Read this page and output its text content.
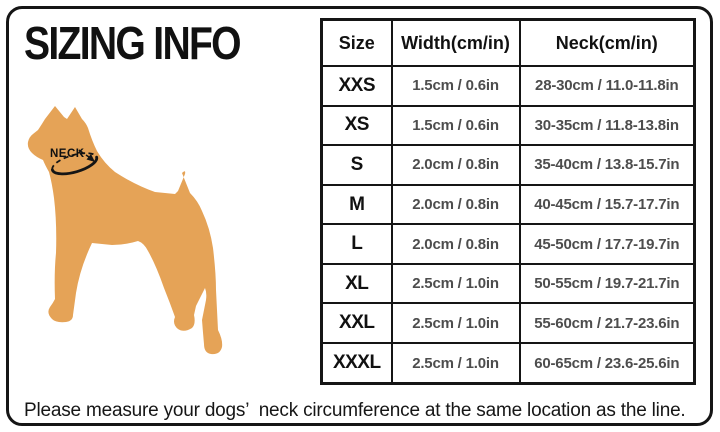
SIZING INFO
NECK
Size	Width(cm/in)	Neck(cm/in)
XXS	1.5cm / 0.6in	28-30cm / 11.0-11.8in
XS	1.5cm / 0.6in	30-35cm / 11.8-13.8in
S	2.0cm / 0.8in	35-40cm / 13.8-15.7in
M	2.0cm / 0.8in	40-45cm / 15.7-17.7in
L	2.0cm / 0.8in	45-50cm / 17.7-19.7in
XL	2.5cm / 1.0in	50-55cm / 19.7-21.7in
XXL	2.5cm / 1.0in	55-60cm / 21.7-23.6in
XXXL	2.5cm / 1.0in	60-65cm / 23.6-25.6in

Please measure your dogs’  neck circumference at the same location as the line.
